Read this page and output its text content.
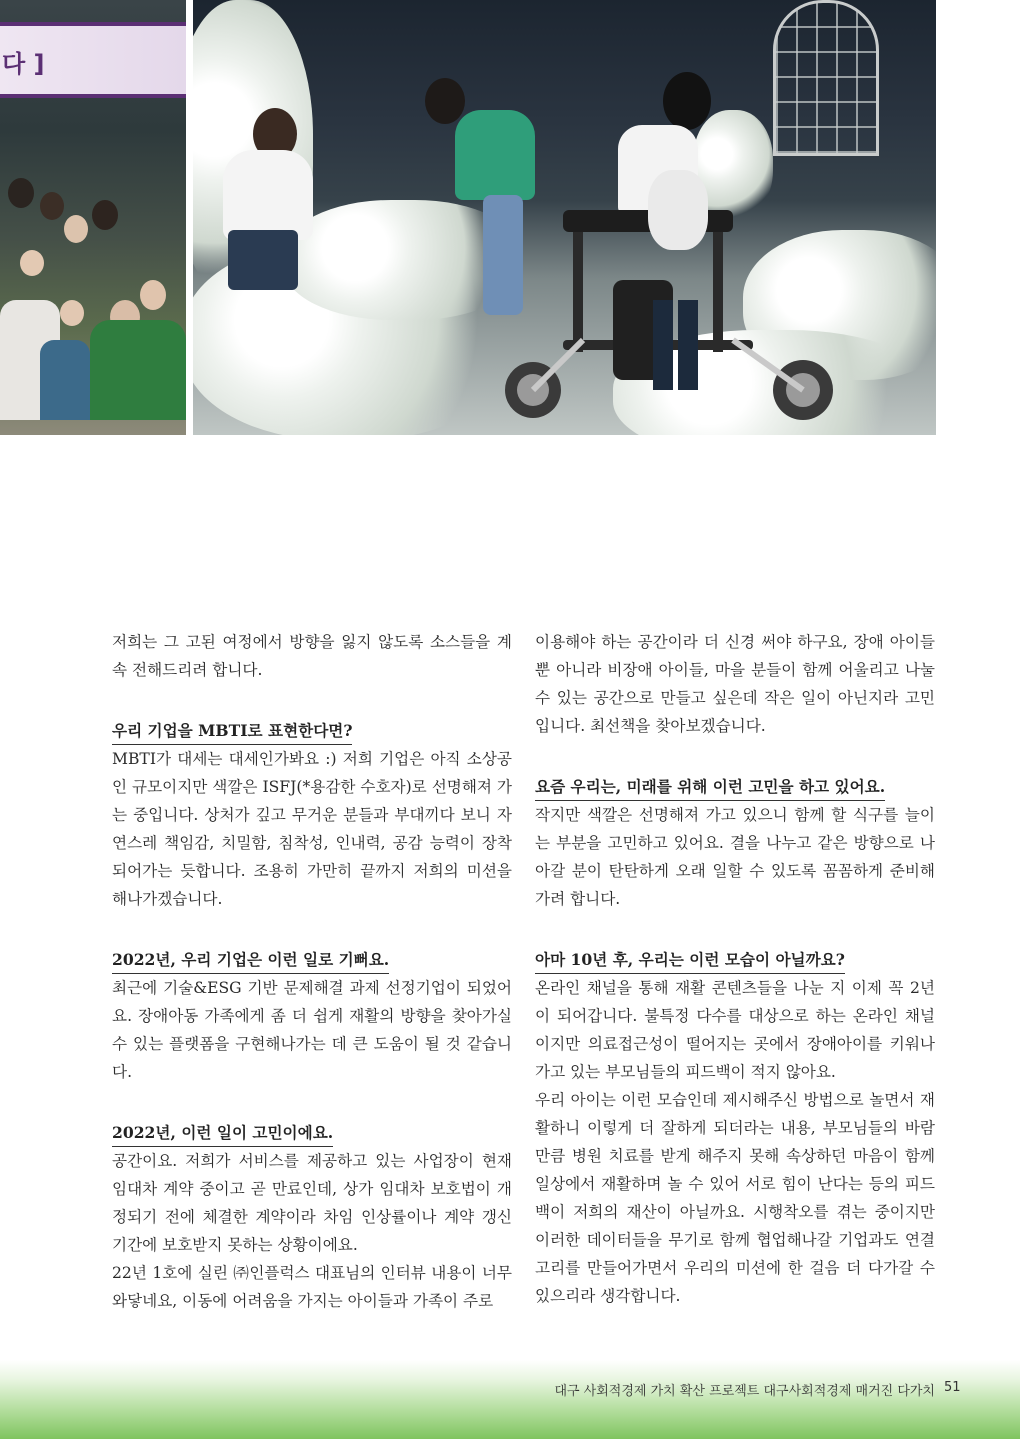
다 ]

저희는 그 고된 여정에서 방향을 잃지 않도록 소스들을 계속 전해드리려 합니다.

우리 기업을 MBTI로 표현한다면?

MBTI가 대세는 대세인가봐요 :) 저희 기업은 아직 소상공인 규모이지만 색깔은 ISFJ(*용감한 수호자)로 선명해져 가는 중입니다. 상처가 깊고 무거운 분들과 부대끼다 보니 자연스레 책임감, 치밀함, 침착성, 인내력, 공감 능력이 장착되어가는 듯합니다. 조용히 가만히 끝까지 저희의 미션을 해나가겠습니다.

2022년, 우리 기업은 이런 일로 기뻐요.

최근에 기술&ESG 기반 문제해결 과제 선정기업이 되었어요. 장애아동 가족에게 좀 더 쉽게 재활의 방향을 찾아가실 수 있는 플랫폼을 구현해나가는 데 큰 도움이 될 것 같습니다.

2022년, 이런 일이 고민이에요.

공간이요. 저희가 서비스를 제공하고 있는 사업장이 현재 임대차 계약 중이고 곧 만료인데, 상가 임대차 보호법이 개정되기 전에 체결한 계약이라 차임 인상률이나 계약 갱신 기간에 보호받지 못하는 상황이에요.

22년 1호에 실린 ㈜인플럭스 대표님의 인터뷰 내용이 너무 와닿네요, 이동에 어려움을 가지는 아이들과 가족이 주로

이용해야 하는 공간이라 더 신경 써야 하구요, 장애 아이들뿐 아니라 비장애 아이들, 마을 분들이 함께 어울리고 나눌 수 있는 공간으로 만들고 싶은데 작은 일이 아닌지라 고민입니다. 최선책을 찾아보겠습니다.

요즘 우리는, 미래를 위해 이런 고민을 하고 있어요.

작지만 색깔은 선명해져 가고 있으니 함께 할 식구를 늘이는 부분을 고민하고 있어요. 결을 나누고 같은 방향으로 나아갈 분이 탄탄하게 오래 일할 수 있도록 꼼꼼하게 준비해 가려 합니다.

아마 10년 후, 우리는 이런 모습이 아닐까요?

온라인 채널을 통해 재활 콘텐츠들을 나눈 지 이제 꼭 2년이 되어갑니다. 불특정 다수를 대상으로 하는 온라인 채널이지만 의료접근성이 떨어지는 곳에서 장애아이를 키워나가고 있는 부모님들의 피드백이 적지 않아요.

우리 아이는 이런 모습인데 제시해주신 방법으로 놀면서 재활하니 이렇게 더 잘하게 되더라는 내용, 부모님들의 바람만큼 병원 치료를 받게 해주지 못해 속상하던 마음이 함께 일상에서 재활하며 놀 수 있어 서로 힘이 난다는 등의 피드백이 저희의 재산이 아닐까요. 시행착오를 겪는 중이지만 이러한 데이터들을 무기로 함께 협업해나갈 기업과도 연결고리를 만들어가면서 우리의 미션에 한 걸음 더 다가갈 수 있으리라 생각합니다.

대구 사회적경제 가치 확산 프로젝트 대구사회적경제 매거진 다가치 51
